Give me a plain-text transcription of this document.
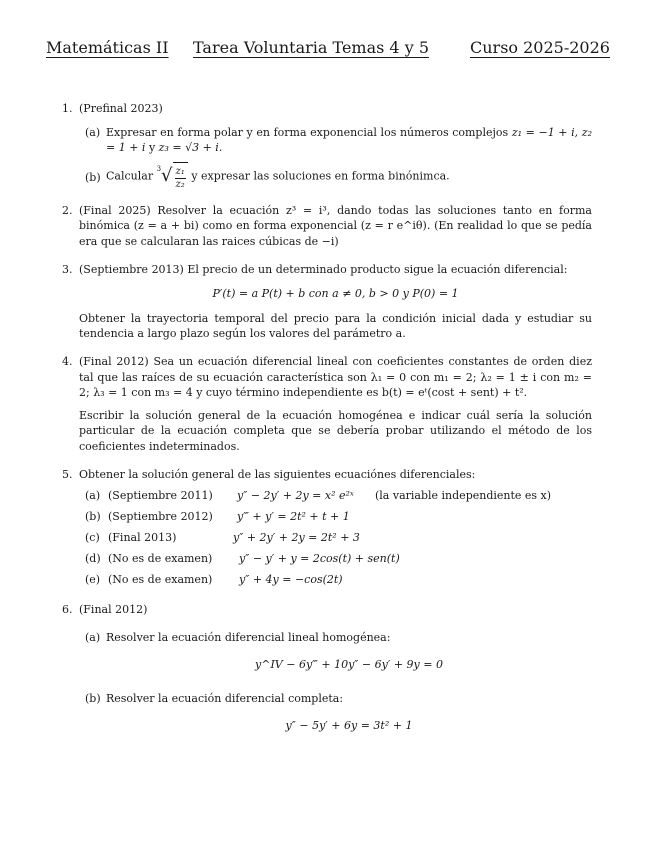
Matemáticas II Tarea Voluntaria Temas 4 y 5	Curso 2025-2026
1. (Prefinal 2023)

(a) Expresar en forma polar y en forma exponencial los números complejos z₁ = −1 + i, z₂ = 1 + i y z₃ = √3 + i.

(b) Calcular
3 √ $\frac{\text{z₁}}{\text{z₂}}$ y expresar las soluciones en forma binónimca.

2. (Final 2025) Resolver la ecuación z³ = i³, dando todas las soluciones tanto en forma binómica (z = a + bi) como en forma exponencial (z = r e^iθ). (En realidad lo que se pedía era que se calcularan las raices cúbicas de −i)

3. (Septiembre 2013) El precio de un determinado producto sigue la ecuación diferencial:

P′(t) = a P(t) + b con a ≠ 0, b > 0 y P(0) = 1

Obtener la trayectoria temporal del precio para la condición inicial dada y estudiar su tendencia a largo plazo según los valores del parámetro a.

4. (Final 2012) Sea un ecuación diferencial lineal con coeficientes constantes de orden diez tal que las raíces de su ecuación característica son λ₁ = 0 con m₁ = 2; λ₂ = 1 ± i con m₂ = 2; λ₃ = 1 con m₃ = 4 y cuyo término independiente es b(t) = eᵗ(cost + sent) + t².

Escribir la solución general de la ecuación homogénea e indicar cuál sería la solución particular de la ecuación completa que se debería probar utilizando el método de los coeficientes indeterminados.

5. Obtener la solución general de las siguientes ecuaciónes diferenciales:

(a) (Septiembre 2011) y″ − 2y′ + 2y = x² e²ˣ (la variable independiente es x)
(b) (Septiembre 2012) y‴ + y′ = 2t² + t + 1
(c) (Final 2013)	y″ + 2y′ + 2y = 2t² + 3
(d) (No es de examen) y″ − y′ + y = 2cos(t) + sen(t)
(e) (No es de examen) y″ + 4y = −cos(2t)
6. (Final 2012)

(a) Resolver la ecuación diferencial lineal homogénea:

y^IV − 6y‴ + 10y″ − 6y′ + 9y = 0
(b) Resolver la ecuación diferencial completa:

y″ − 5y′ + 6y = 3t² + 1
